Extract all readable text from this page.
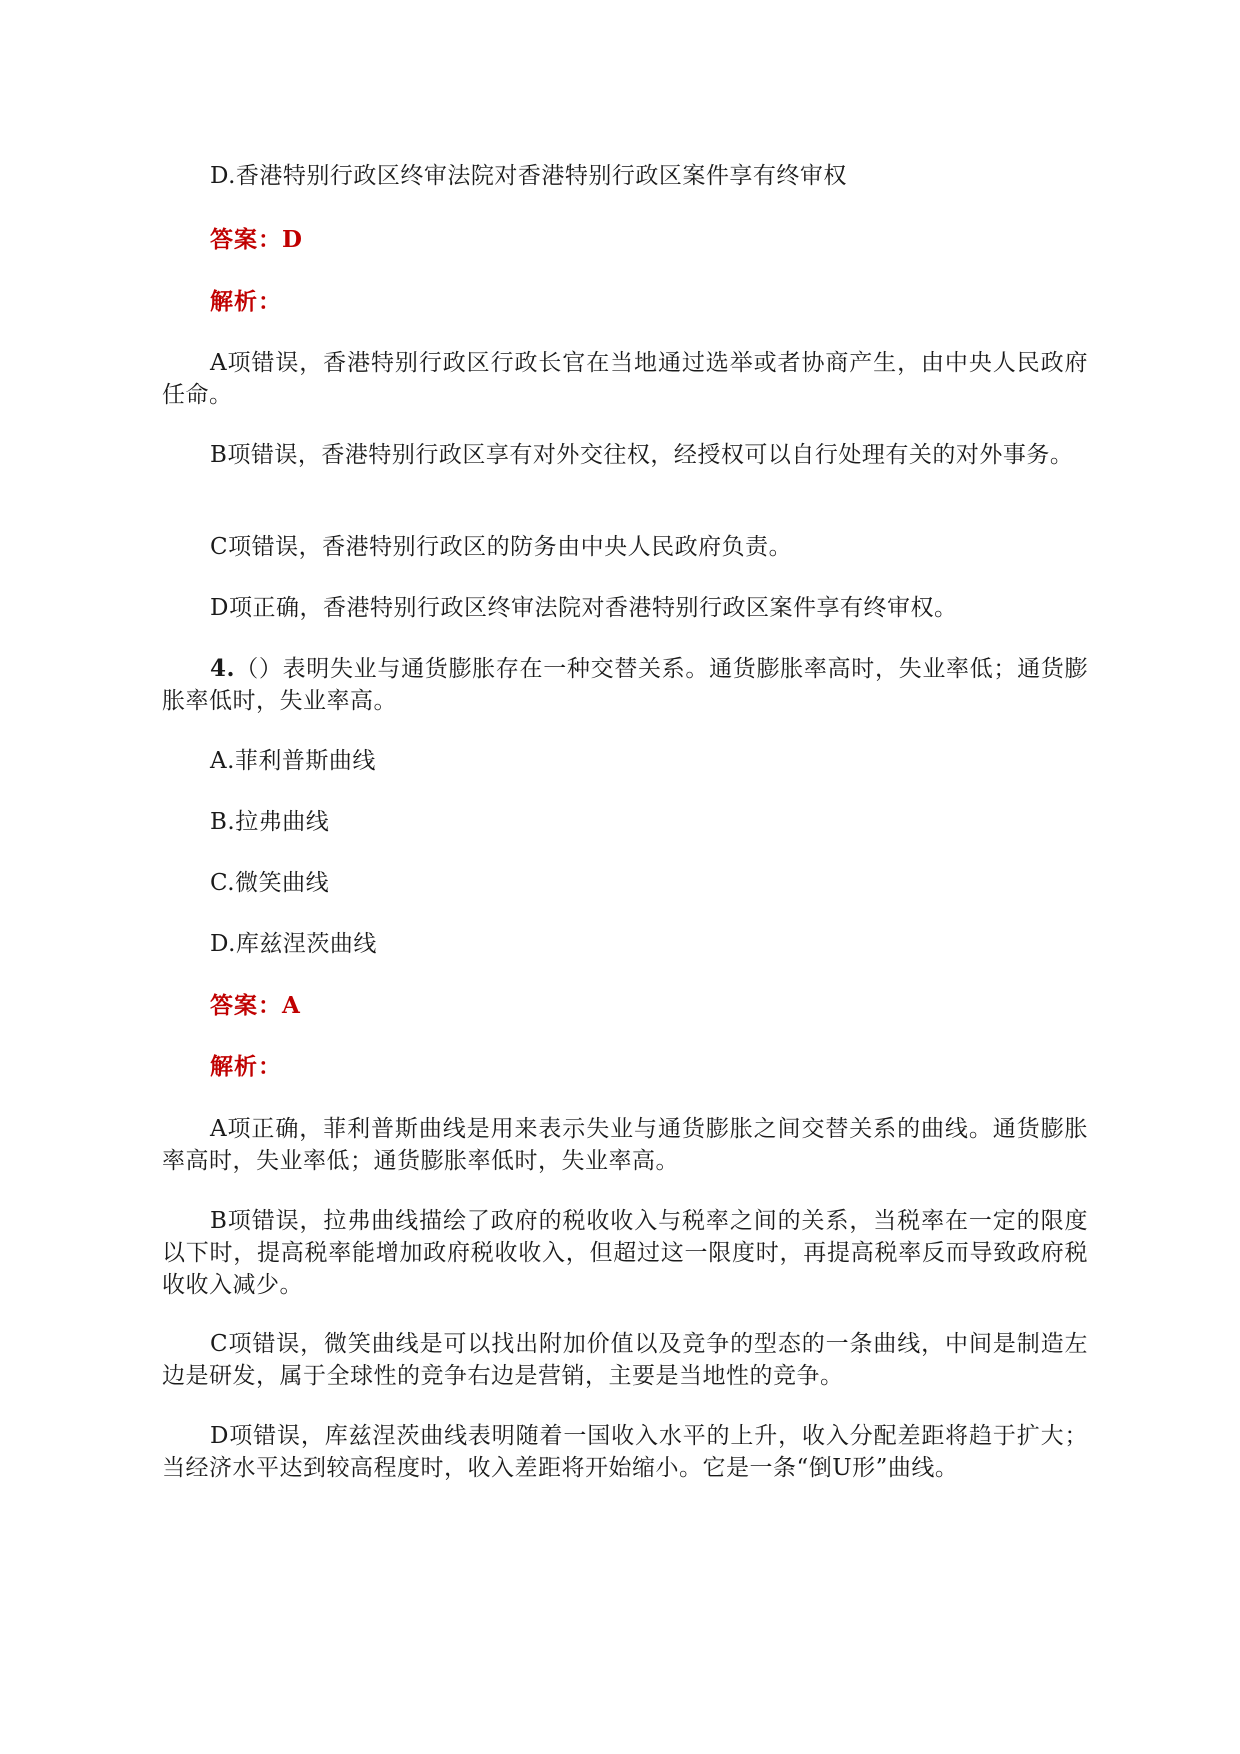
D.香港特别行政区终审法院对香港特别行政区案件享有终审权

答案：D

解析：

A项错误，香港特别行政区行政长官在当地通过选举或者协商产生，由中央人民政府任命。

B项错误，香港特别行政区享有对外交往权，经授权可以自行处理有关的对外事务。

C项错误，香港特别行政区的防务由中央人民政府负责。

D项正确，香港特别行政区终审法院对香港特别行政区案件享有终审权。

4.（）表明失业与通货膨胀存在一种交替关系。通货膨胀率高时，失业率低；通货膨胀率低时，失业率高。

A.菲利普斯曲线

B.拉弗曲线

C.微笑曲线

D.库兹涅茨曲线

答案：A

解析：

A项正确，菲利普斯曲线是用来表示失业与通货膨胀之间交替关系的曲线。通货膨胀率高时，失业率低；通货膨胀率低时，失业率高。

B项错误，拉弗曲线描绘了政府的税收收入与税率之间的关系，当税率在一定的限度以下时，提高税率能增加政府税收收入，但超过这一限度时，再提高税率反而导致政府税收收入减少。

C项错误，微笑曲线是可以找出附加价值以及竞争的型态的一条曲线，中间是制造左边是研发，属于全球性的竞争右边是营销，主要是当地性的竞争。

D项错误，库兹涅茨曲线表明随着一国收入水平的上升，收入分配差距将趋于扩大；当经济水平达到较高程度时，收入差距将开始缩小。它是一条“倒U形”曲线。
